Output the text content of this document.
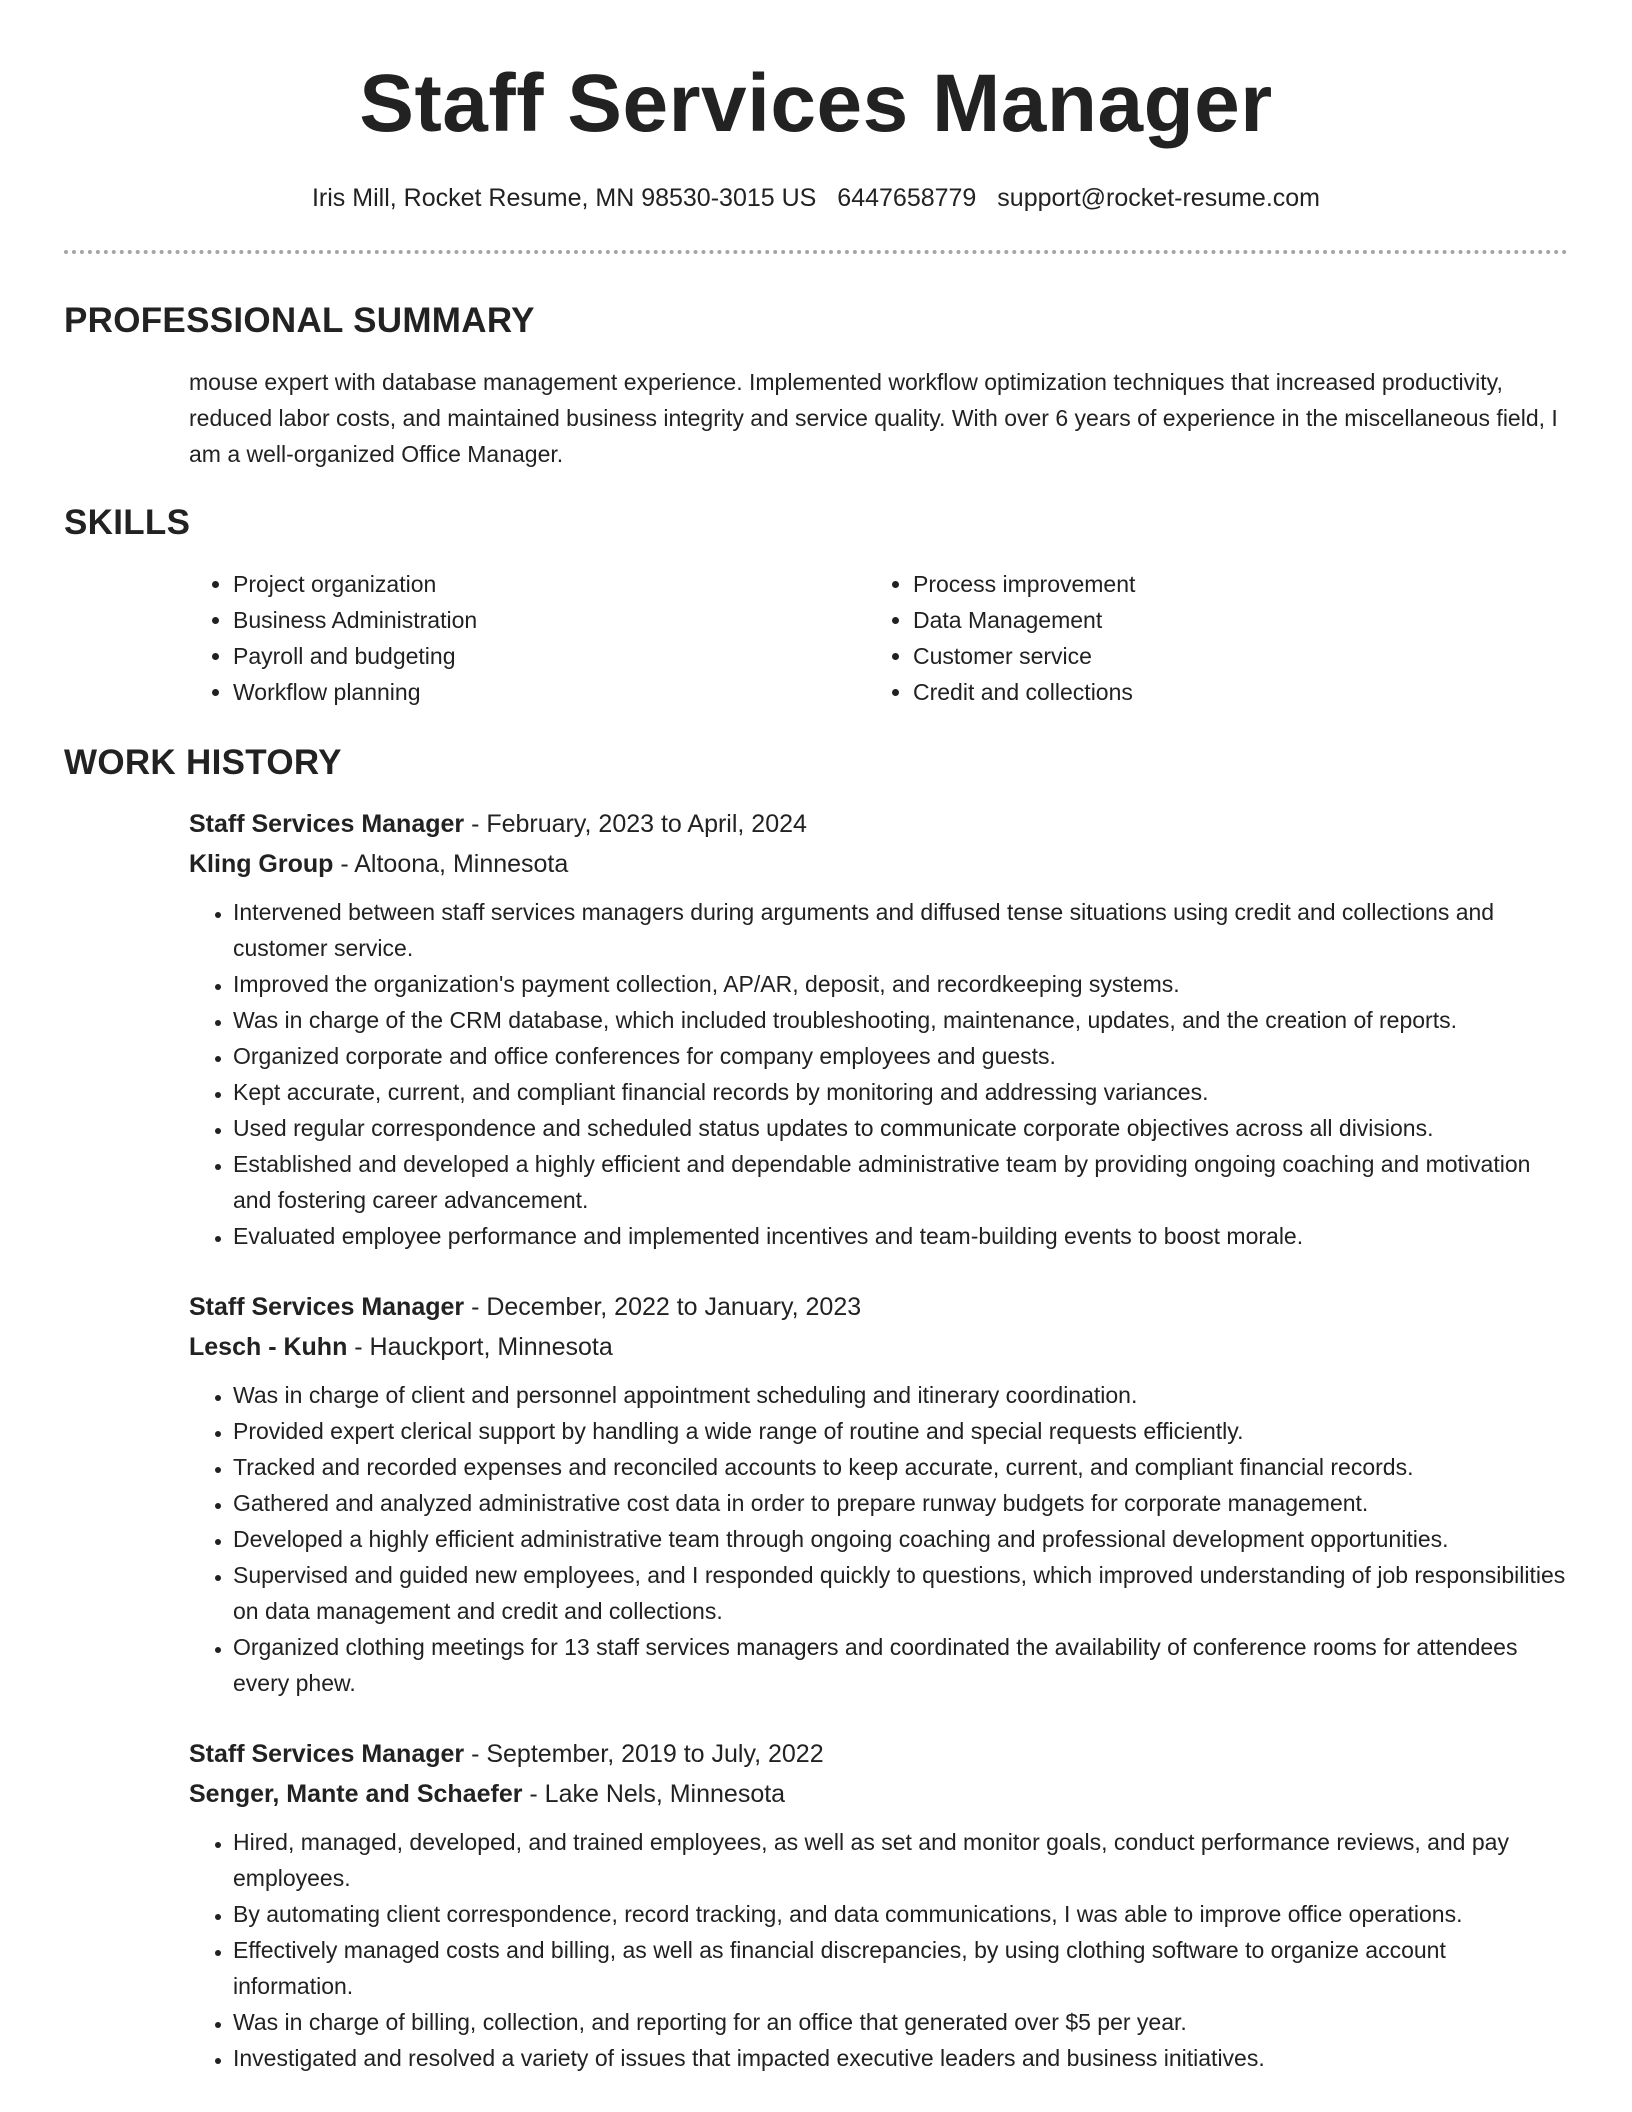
Staff Services Manager
Iris Mill, Rocket Resume, MN 98530-3015 US 6447658779 support@rocket-resume.com
PROFESSIONAL SUMMARY

mouse expert with database management experience. Implemented workflow optimization techniques that increased productivity, reduced labor costs, and maintained business integrity and service quality. With over 6 years of experience in the miscellaneous field, I am a well-organized Office Manager.

SKILLS
• Project organization
• Business Administration
• Payroll and budgeting
• Workflow planning
• Process improvement
• Data Management
• Customer service
• Credit and collections
WORK HISTORY
Staff Services Manager - February, 2023 to April, 2024
Kling Group - Altoona, Minnesota
• Intervened between staff services managers during arguments and diffused tense situations using credit and collections and customer service.
• Improved the organization's payment collection, AP/AR, deposit, and recordkeeping systems.
• Was in charge of the CRM database, which included troubleshooting, maintenance, updates, and the creation of reports.
• Organized corporate and office conferences for company employees and guests.
• Kept accurate, current, and compliant financial records by monitoring and addressing variances.
• Used regular correspondence and scheduled status updates to communicate corporate objectives across all divisions.
• Established and developed a highly efficient and dependable administrative team by providing ongoing coaching and motivation and fostering career advancement.
• Evaluated employee performance and implemented incentives and team-building events to boost morale.
Staff Services Manager - December, 2022 to January, 2023
Lesch - Kuhn - Hauckport, Minnesota
• Was in charge of client and personnel appointment scheduling and itinerary coordination.
• Provided expert clerical support by handling a wide range of routine and special requests efficiently.
• Tracked and recorded expenses and reconciled accounts to keep accurate, current, and compliant financial records.
• Gathered and analyzed administrative cost data in order to prepare runway budgets for corporate management.
• Developed a highly efficient administrative team through ongoing coaching and professional development opportunities.
• Supervised and guided new employees, and I responded quickly to questions, which improved understanding of job responsibilities on data management and credit and collections.
• Organized clothing meetings for 13 staff services managers and coordinated the availability of conference rooms for attendees every phew.
Staff Services Manager - September, 2019 to July, 2022
Senger, Mante and Schaefer - Lake Nels, Minnesota
• Hired, managed, developed, and trained employees, as well as set and monitor goals, conduct performance reviews, and pay employees.
• By automating client correspondence, record tracking, and data communications, I was able to improve office operations.
• Effectively managed costs and billing, as well as financial discrepancies, by using clothing software to organize account information.
• Was in charge of billing, collection, and reporting for an office that generated over $5 per year.
• Investigated and resolved a variety of issues that impacted executive leaders and business initiatives.
